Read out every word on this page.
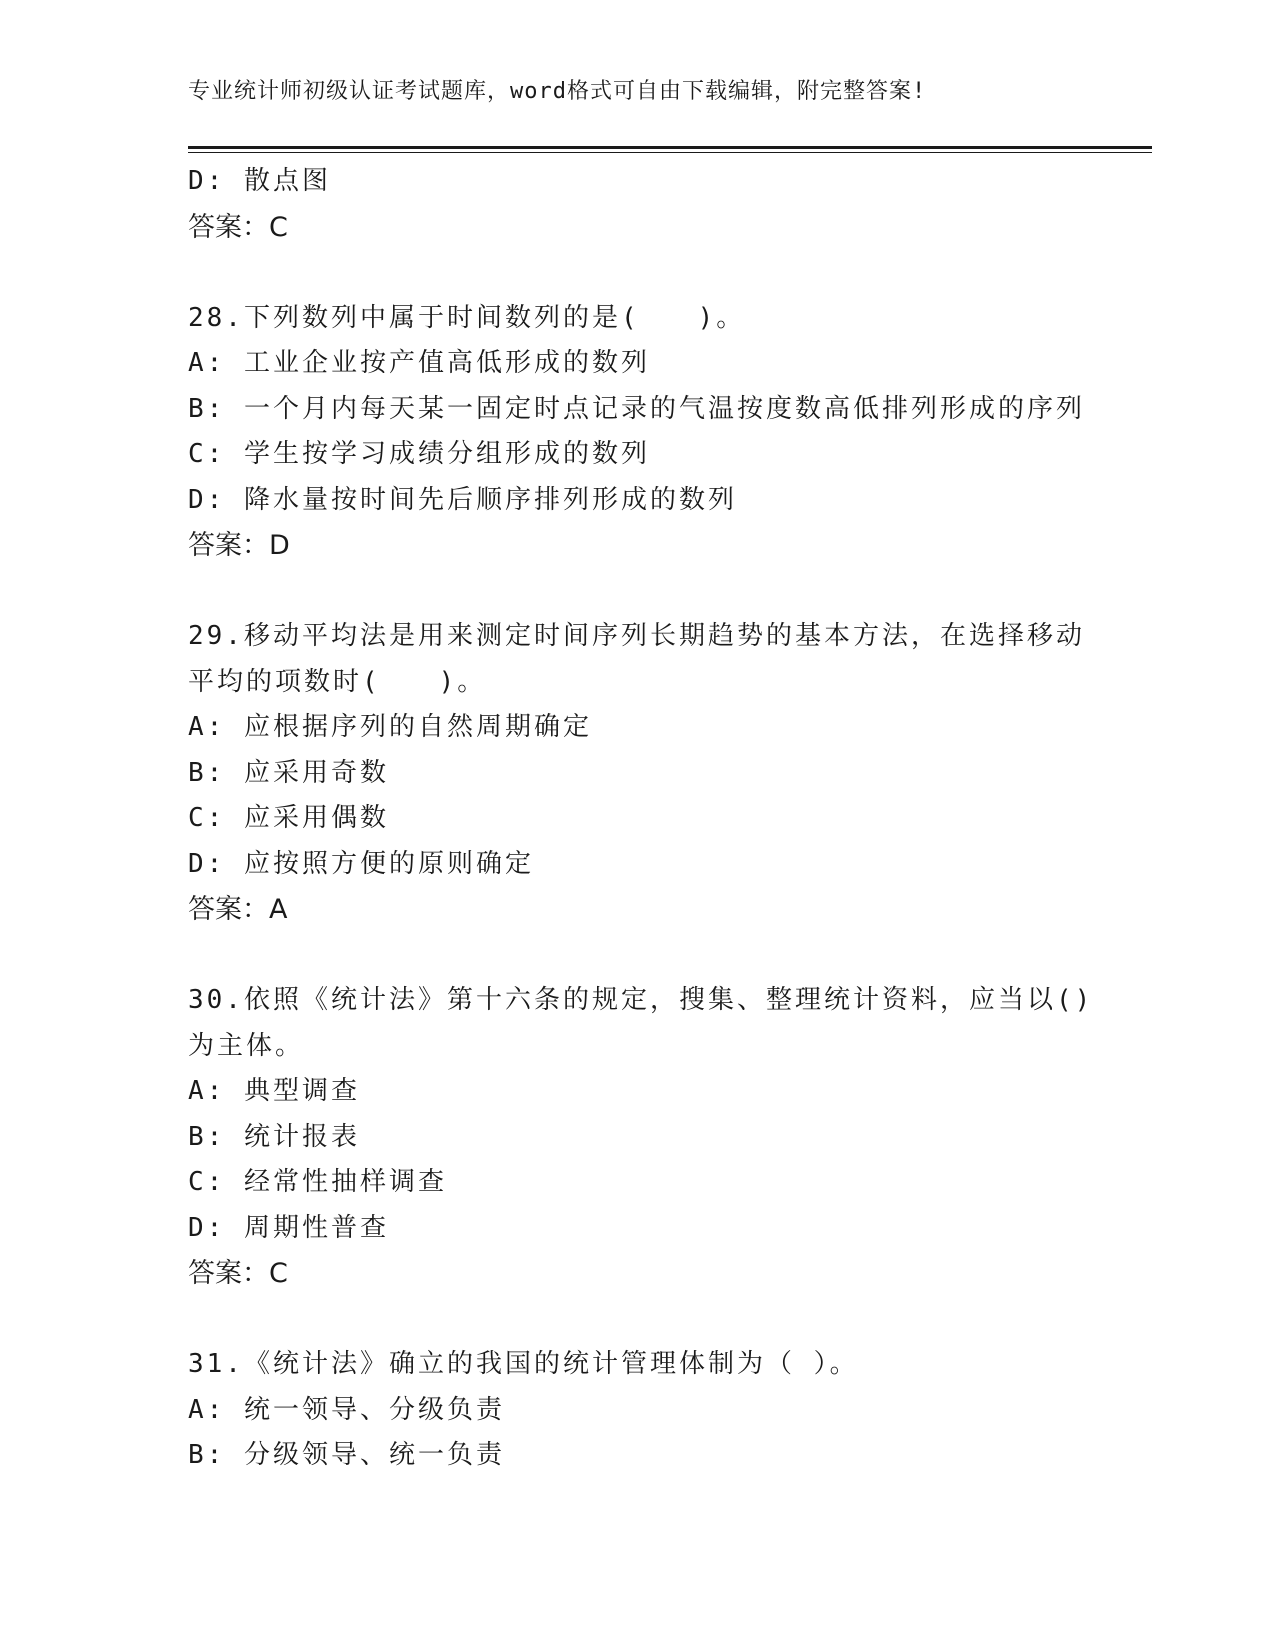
专业统计师初级认证考试题库，word格式可自由下载编辑，附完整答案!
D: 散点图
答案：C
28.下列数列中属于时间数列的是(　　)。
A: 工业企业按产值高低形成的数列
B: 一个月内每天某一固定时点记录的气温按度数高低排列形成的序列
C: 学生按学习成绩分组形成的数列
D: 降水量按时间先后顺序排列形成的数列
答案：D
29.移动平均法是用来测定时间序列长期趋势的基本方法，在选择移动
平均的项数时(　　)。
A: 应根据序列的自然周期确定
B: 应采用奇数
C: 应采用偶数
D: 应按照方便的原则确定
答案：A
30.依照《统计法》第十六条的规定，搜集、整理统计资料，应当以()
为主体。
A: 典型调查
B: 统计报表
C: 经常性抽样调查
D: 周期性普查
答案：C
31.《统计法》确立的我国的统计管理体制为（ ）。
A: 统一领导、分级负责
B: 分级领导、统一负责
